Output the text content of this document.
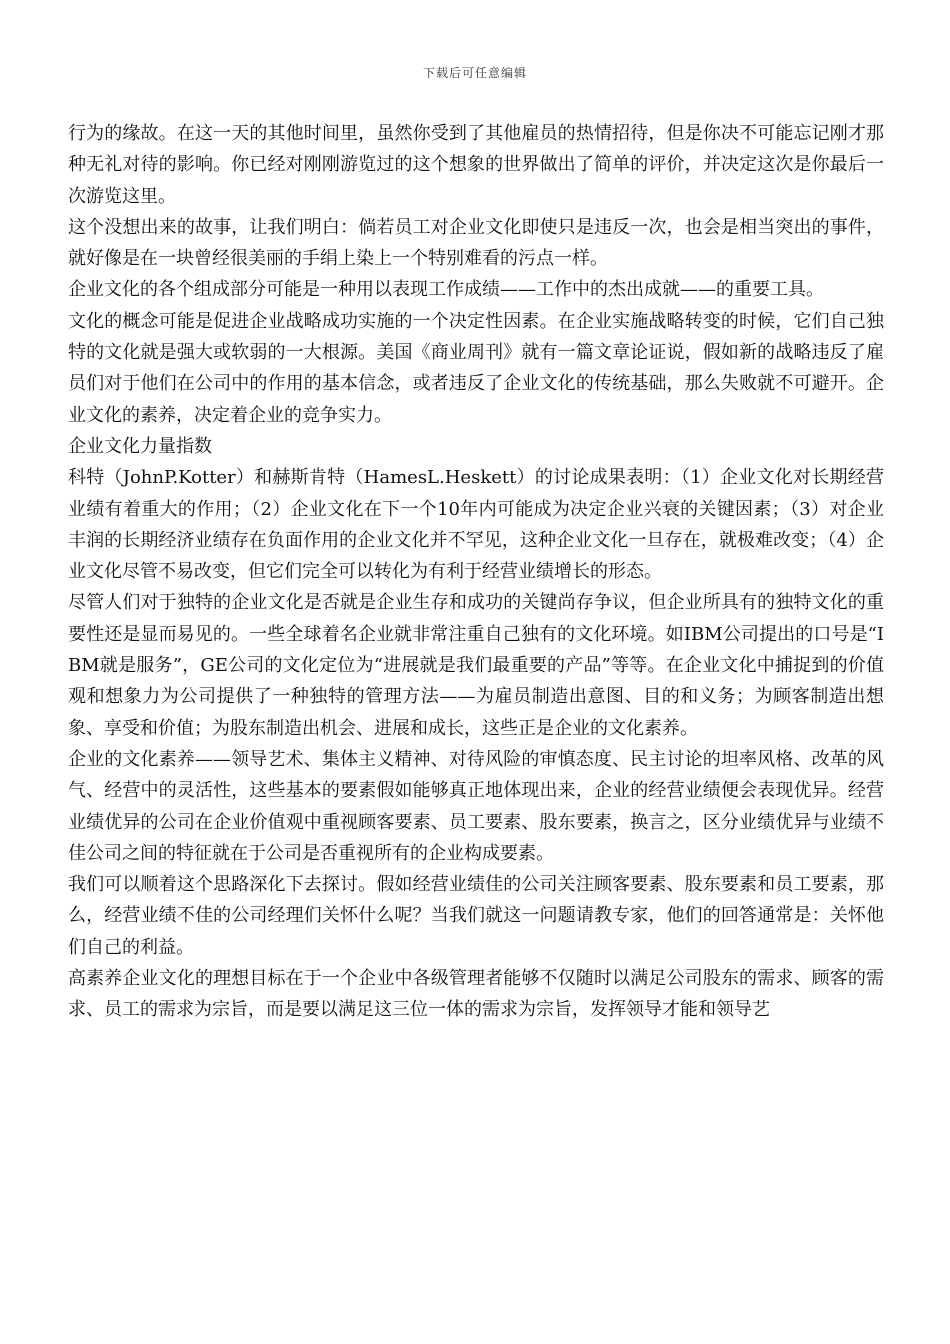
下载后可任意编辑

行为的缘故。在这一天的其他时间里，虽然你受到了其他雇员的热情招待，但是你决不可能忘记刚才那种无礼对待的影响。你已经对刚刚游览过的这个想象的世界做出了简单的评价，并决定这次是你最后一次游览这里。

这个没想出来的故事，让我们明白：倘若员工对企业文化即使只是违反一次，也会是相当突出的事件，就好像是在一块曾经很美丽的手绢上染上一个特别难看的污点一样。

企业文化的各个组成部分可能是一种用以表现工作成绩——工作中的杰出成就——的重要工具。

文化的概念可能是促进企业战略成功实施的一个决定性因素。在企业实施战略转变的时候，它们自己独特的文化就是强大或软弱的一大根源。美国《商业周刊》就有一篇文章论证说，假如新的战略违反了雇员们对于他们在公司中的作用的基本信念，或者违反了企业文化的传统基础，那么失败就不可避开。企业文化的素养，决定着企业的竞争实力。

企业文化力量指数

科特（JohnP.Kotter）和赫斯肯特（HamesL.Heskett）的讨论成果表明：（1）企业文化对长期经营业绩有着重大的作用；（2）企业文化在下一个10年内可能成为决定企业兴衰的关键因素；（3）对企业丰润的长期经济业绩存在负面作用的企业文化并不罕见，这种企业文化一旦存在，就极难改变；（4）企业文化尽管不易改变，但它们完全可以转化为有利于经营业绩增长的形态。

尽管人们对于独特的企业文化是否就是企业生存和成功的关键尚存争议，但企业所具有的独特文化的重要性还是显而易见的。一些全球着名企业就非常注重自己独有的文化环境。如IBM公司提出的口号是“IBM就是服务”，GE公司的文化定位为“进展就是我们最重要的产品”等等。在企业文化中捕捉到的价值观和想象力为公司提供了一种独特的管理方法——为雇员制造出意图、目的和义务；为顾客制造出想象、享受和价值；为股东制造出机会、进展和成长，这些正是企业的文化素养。

企业的文化素养——领导艺术、集体主义精神、对待风险的审慎态度、民主讨论的坦率风格、改革的风气、经营中的灵活性，这些基本的要素假如能够真正地体现出来，企业的经营业绩便会表现优异。经营业绩优异的公司在企业价值观中重视顾客要素、员工要素、股东要素，换言之，区分业绩优异与业绩不佳公司之间的特征就在于公司是否重视所有的企业构成要素。

我们可以顺着这个思路深化下去探讨。假如经营业绩佳的公司关注顾客要素、股东要素和员工要素，那么，经营业绩不佳的公司经理们关怀什么呢？当我们就这一问题请教专家，他们的回答通常是：关怀他们自己的利益。

高素养企业文化的理想目标在于一个企业中各级管理者能够不仅随时以满足公司股东的需求、顾客的需求、员工的需求为宗旨，而是要以满足这三位一体的需求为宗旨，发挥领导才能和领导艺
